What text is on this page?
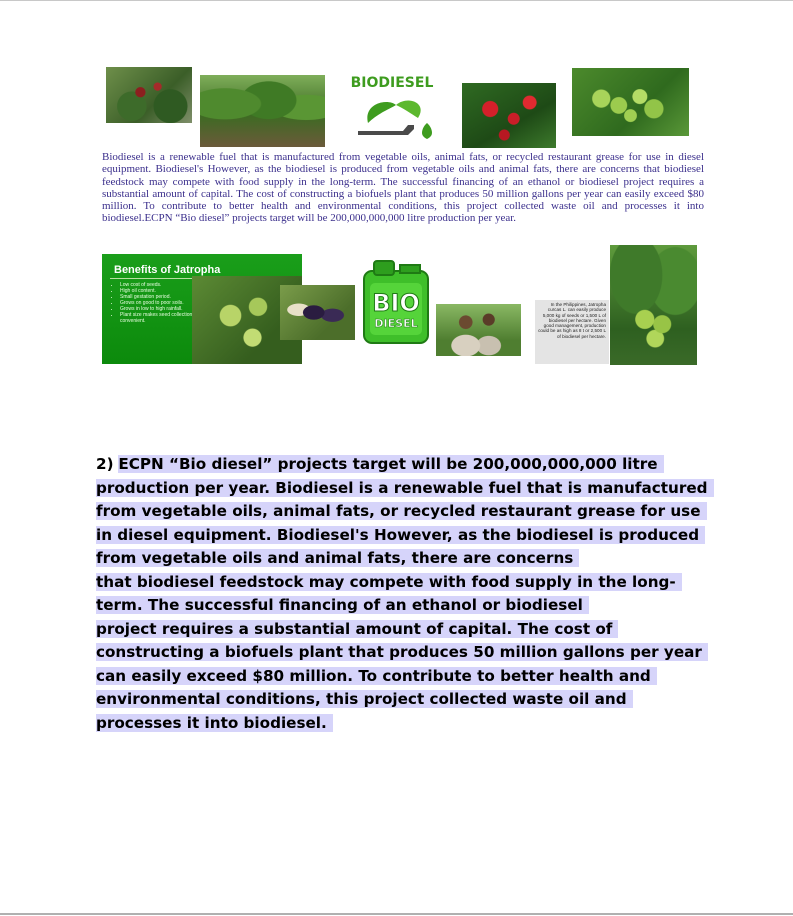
BIODIESEL

Biodiesel is a renewable fuel that is manufactured from vegetable oils, animal fats, or recycled restaurant grease for use in diesel equipment. Biodiesel's However, as the biodiesel is produced from vegetable oils and animal fats, there are concerns that biodiesel feedstock may compete with food supply in the long-term. The successful financing of an ethanol or biodiesel project requires a substantial amount of capital. The cost of constructing a biofuels plant that produces 50 million gallons per year can easily exceed $80 million. To contribute to better health and environmental conditions, this project collected waste oil and processes it into biodiesel.ECPN “Bio diesel” projects target will be 200,000,000,000 litre production per year.

Benefits of Jatropha
• Low cost of seeds.
• High oil content.
• Small gestation period.
• Grows on good to poor soils.
• Grows in low to high rainfall.
• Plant size makes seed collection convenient.
BIO
DIESEL
In the Philippines, Jatropha curcas L. can easily produce 5,000 kg of seeds or 1,500 L of biodiesel per hectare. Given good management, production could be as high as 8 t or 2,500 L of biodiesel per hectare.
2) ECPN “Bio diesel” projects target will be 200,000,000,000 litre
production per year. Biodiesel is a renewable fuel that is manufactured
from vegetable oils, animal fats, or recycled restaurant grease for use
in diesel equipment. Biodiesel's However, as the biodiesel is produced
from vegetable oils and animal fats, there are concerns
that biodiesel feedstock may compete with food supply in the long-
term. The successful financing of an ethanol or biodiesel
project requires a substantial amount of capital. The cost of
constructing a biofuels plant that produces 50 million gallons per year
can easily exceed $80 million. To contribute to better health and
environmental conditions, this project collected waste oil and
processes it into biodiesel.
